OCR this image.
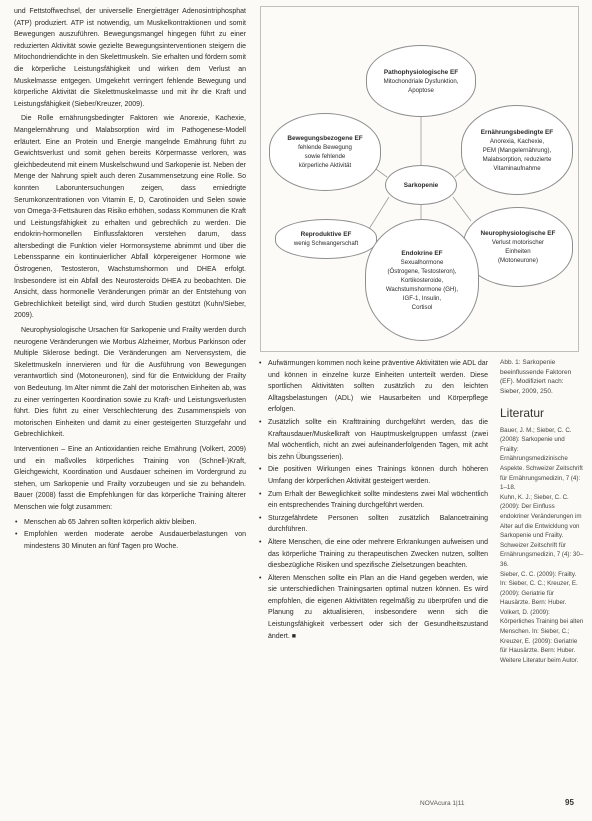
und Fettstoffwechsel, der universelle Energieträger Adenosintriphosphat (ATP) produziert. ATP ist notwendig, um Muskelkontraktionen und somit Bewegungen auszuführen. Bewegungsmangel hingegen führt zu einer reduzierten Aktivität sowie gezielte Bewegungsinterventionen steigern die Mitochondriendichte in den Skelettmuskeln. Sie erhalten und fördern somit die körperliche Leistungsfähigkeit und wirken dem Verlust an Muskelmasse entgegen. Umgekehrt verringert fehlende Bewegung und körperliche Aktivität die Skelettmuskelmasse und mit ihr die Kraft und Leistungsfähigkeit (Sieber/Kreuzer, 2009).

Die Rolle ernährungsbedingter Faktoren wie Anorexie, Kachexie, Mangelernährung und Malabsorption wird im Pathogenese-Modell erläutert. Eine an Protein und Energie mangelnde Ernährung führt zu Gewichtsverlust und somit gehen bereits Körpermasse verloren, was gleichbedeutend mit einem Muskelschwund und Sarkopenie ist. Neben der Menge der Nahrung spielt auch deren Zusammensetzung eine Rolle. So konnten Laboruntersuchungen zeigen, dass erniedrigte Serumkonzentrationen von Vitamin E, D, Carotinoiden und Selen sowie von Omega-3-Fettsäuren das Risiko erhöhen, sodass Kommunen die Kraft und Leistungsfähigkeit zu erhalten und gebrechlich zu werden. Die endokrin-hormonellen Einflussfaktoren verstehen darum, dass altersbedingt die Funktion vieler Hormonsysteme abnimmt und über die Lebensspanne ein kontinuierlicher Abfall körpereigener Hormone wie Östrogenen, Testosteron, Wachstumshormon und DHEA erfolgt. Insbesondere ist ein Abfall des Neurosteroids DHEA zu beobachten. Die Ansicht, dass hormonelle Veränderungen primär an der Entstehung von Gebrechlichkeit beteiligt sind, wird durch Studien gestützt (Kuhn/Sieber, 2009).

Neurophysiologische Ursachen für Sarkopenie und Frailty werden durch neurogene Veränderungen wie Morbus Alzheimer, Morbus Parkinson oder Multiple Sklerose bedingt. Die Veränderungen am Nervensystem, die Skelettmuskeln innervieren und für die Ausführung von Bewegungen verantwortlich sind (Motoneuronen), sind für die Entwicklung der Frailty von Bedeutung. Im Alter nimmt die Zahl der motorischen Einheiten ab, was zu einer verringerten Koordination sowie zu Kraft- und Leistungsverlusten führt. Dies führt zu einer Verschlechterung des Zusammenspiels von motorischen Einheiten und damit zu einer gesteigerten Sturzgefahr und Gebrechlichkeit.

Interventionen – Eine an Antioxidantien reiche Ernährung (Volkert, 2009) und ein maßvolles körperliches Training von (Schnell-)Kraft, Gleichgewicht, Koordination und Ausdauer scheinen im Vordergrund zu stehen, um Sarkopenie und Frailty vorzubeugen und sie zu behandeln. Bauer (2008) fasst die Empfehlungen für das körperliche Training älterer Menschen wie folgt zusammen:

• Menschen ab 65 Jahren sollten körperlich aktiv bleiben.
• Empfohlen werden moderate aerobe Ausdauerbelastungen von mindestens 30 Minuten an fünf Tagen pro Woche.
Pathophysiologische EF
Mitochondriale Dysfunktion,
Apoptose
Bewegungsbezogene EF
fehlende Bewegung
sowie fehlende
körperliche Aktivität
Ernährungsbedingte EF
Anorexia, Kachexie,
PEM (Mangelernährung),
Malabsorption, reduzierte
Vitaminaufnahme
Sarkopenie
Reproduktive EF
wenig Schwangerschaft
Neurophysiologische EF
Verlust motorischer
Einheiten
(Motoneurone)
Endokrine EF
Sexualhormone
(Östrogene, Testosteron),
Kortikosteroide,
Wachstumshormone (GH),
IGF-1, Insulin,
Cortisol
• Aufwärmungen kommen noch keine präventive Aktivitäten wie ADL dar und können in einzelne kurze Einheiten unterteilt werden. Diese sportlichen Aktivitäten sollten zusätzlich zu den leichten Alltagsbelastungen (ADL) wie Hausarbeiten und Körperpflege erfolgen.
• Zusätzlich sollte ein Krafttraining durchgeführt werden, das die Kraftausdauer/Muskelkraft von Hauptmuskelgruppen umfasst (zwei Mal wöchentlich, nicht an zwei aufeinanderfolgenden Tagen, mit acht bis zehn Übungsserien).
• Die positiven Wirkungen eines Trainings können durch höheren Umfang der körperlichen Aktivität gesteigert werden.
• Zum Erhalt der Beweglichkeit sollte mindestens zwei Mal wöchentlich ein entsprechendes Training durchgeführt werden.
• Sturzgefährdete Personen sollten zusätzlich Balancetraining durchführen.
• Ältere Menschen, die eine oder mehrere Erkrankungen aufweisen und das körperliche Training zu therapeutischen Zwecken nutzen, sollten diesbezügliche Risiken und spezifische Zielsetzungen beachten.
• Älteren Menschen sollte ein Plan an die Hand gegeben werden, wie sie unterschiedlichen Trainingsarten optimal nutzen können. Es wird empfohlen, die eigenen Aktivitäten regelmäßig zu überprüfen und die Planung zu aktualisieren, insbesondere wenn sich die Leistungsfähigkeit verbessert oder sich der Gesundheitszustand ändert. ■
Abb. 1: Sarkopenie beeinflussende Faktoren (EF). Modifiziert nach: Sieber, 2009, 250.
Literatur

Bauer, J. M.; Sieber, C. C. (2008): Sarkopenie und Frailty: Ernährungsmedizinische Aspekte. Schweizer Zeitschrift für Ernährungsmedizin, 7 (4): 1–18.

Kuhn, K. J.; Sieber, C. C. (2009): Der Einfluss endokriner Veränderungen im Alter auf die Entwicklung von Sarkopenie und Frailty. Schweizer Zeitschrift für Ernährungsmedizin, 7 (4): 30–36.

Sieber, C. C. (2009): Frailty. In: Sieber, C. C.; Kreuzer, E. (2009): Geriatrie für Hausärzte. Bern: Huber.

Volkert, D. (2009): Körperliches Training bei alten Menschen. In: Sieber, C.; Kreuzer, E. (2009): Geriatrie für Hausärzte. Bern: Huber.

Weitere Literatur beim Autor.

NOVAcura 1|11	95
